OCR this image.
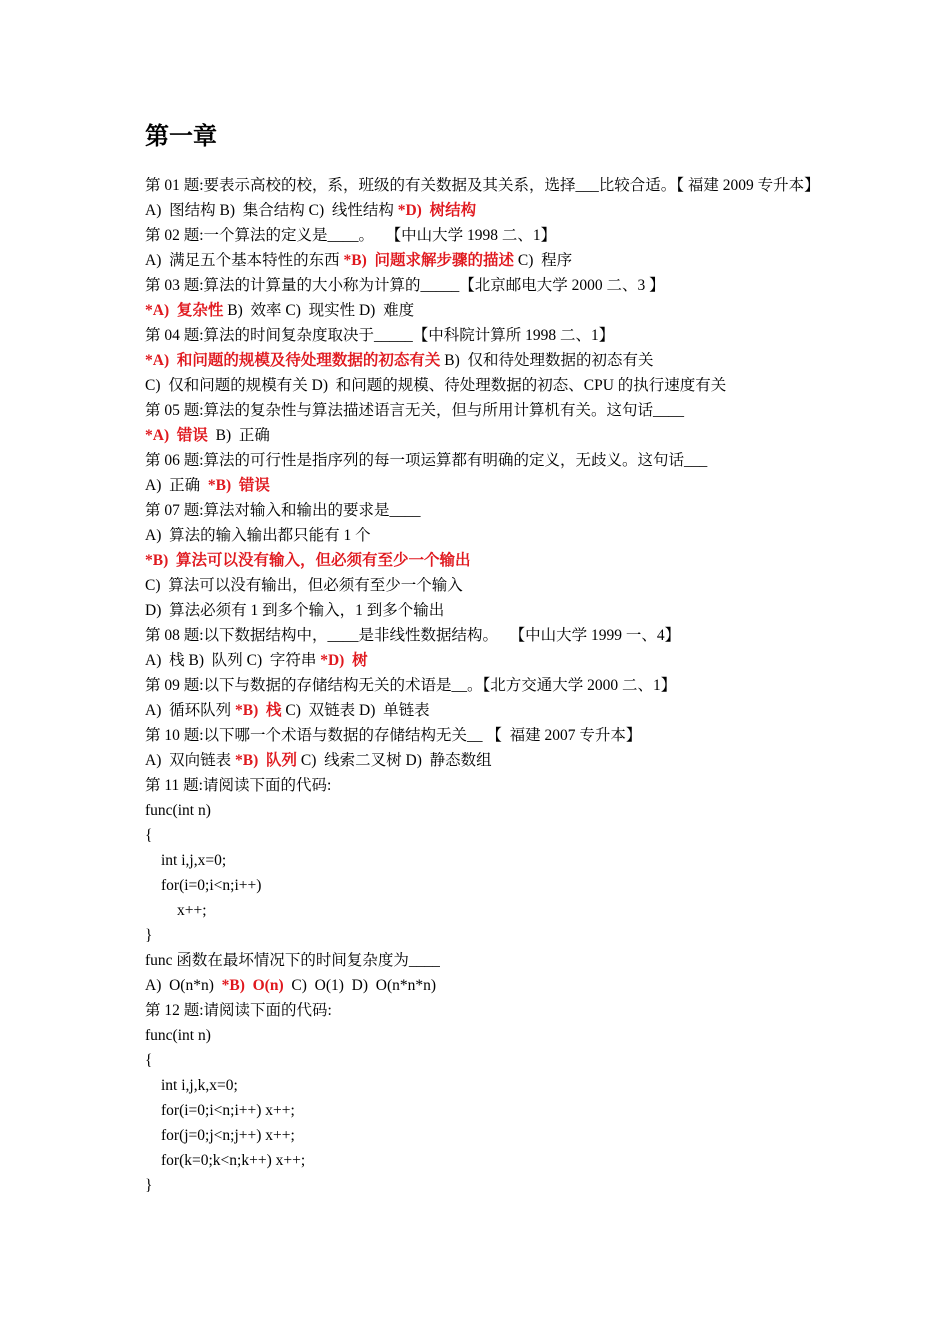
第一章
第 01 题:要表示高校的校，系，班级的有关数据及其关系，选择___比较合适。【 福建 2009 专升本】
A)  图结构 B)  集合结构 C)  线性结构 *D)  树结构
第 02 题:一个算法的定义是____。   【中山大学 1998 二、1】
A)  满足五个基本特性的东西 *B)  问题求解步骤的描述 C)  程序
第 03 题:算法的计算量的大小称为计算的_____【北京邮电大学 2000 二、3 】
*A)  复杂性 B)  效率 C)  现实性 D)  难度
第 04 题:算法的时间复杂度取决于_____【中科院计算所 1998 二、1】
*A)  和问题的规模及待处理数据的初态有关 B)  仅和待处理数据的初态有关
C)  仅和问题的规模有关 D)  和问题的规模、待处理数据的初态、CPU 的执行速度有关
第 05 题:算法的复杂性与算法描述语言无关，但与所用计算机有关。这句话____
*A)  错误  B)  正确
第 06 题:算法的可行性是指序列的每一项运算都有明确的定义，无歧义。这句话___
A)  正确  *B)  错误
第 07 题:算法对输入和输出的要求是____
A)  算法的输入输出都只能有 1 个
*B)  算法可以没有输入，但必须有至少一个输出
C)  算法可以没有输出，但必须有至少一个输入
D)  算法必须有 1 到多个输入，1 到多个输出
第 08 题:以下数据结构中，____是非线性数据结构。   【中山大学 1999 一、4】
A)  栈 B)  队列 C)  字符串 *D)  树
第 09 题:以下与数据的存储结构无关的术语是__。【北方交通大学 2000 二、1】
A)  循环队列 *B)  栈 C)  双链表 D)  单链表
第 10 题:以下哪一个术语与数据的存储结构无关__ 【  福建 2007 专升本】
A)  双向链表 *B)  队列 C)  线索二叉树 D)  静态数组
第 11 题:请阅读下面的代码:
func(int n)
{
int i,j,x=0;
for(i=0;i<n;i++)
x++;
}
func 函数在最坏情况下的时间复杂度为____
A)  O(n*n)  *B)  O(n)  C)  O(1)  D)  O(n*n*n)
第 12 题:请阅读下面的代码:
func(int n)
{
int i,j,k,x=0;
for(i=0;i<n;i++) x++;
for(j=0;j<n;j++) x++;
for(k=0;k<n;k++) x++;
}
